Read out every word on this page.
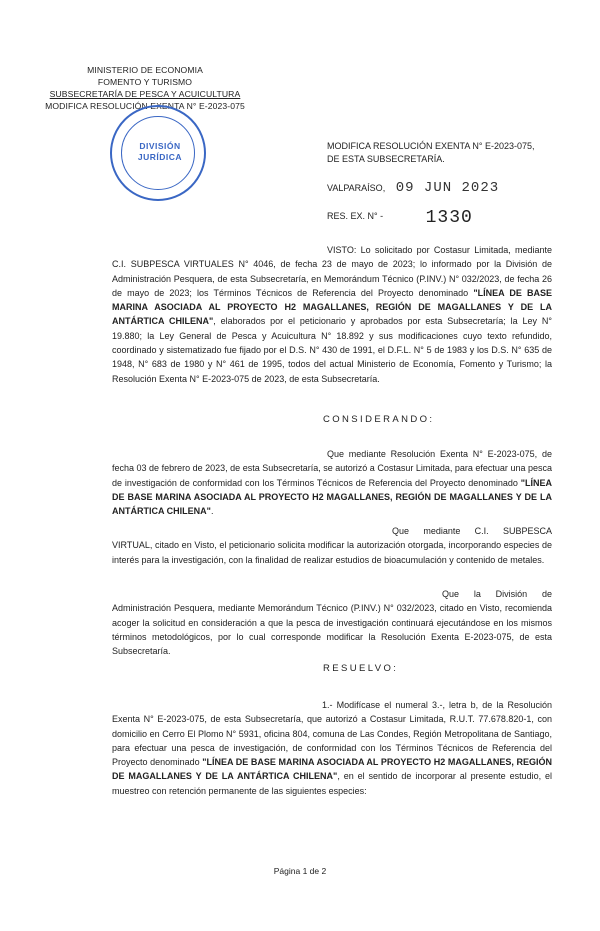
MINISTERIO DE ECONOMIA
FOMENTO Y TURISMO
SUBSECRETARÍA DE PESCA Y ACUICULTURA
MODIFICA RESOLUCIÓN EXENTA N° E-2023-075
DIVISIÓN
JURÍDICA
MODIFICA RESOLUCIÓN EXENTA N° E-2023-075,
DE ESTA SUBSECRETARÍA.
VALPARAÍSO, 09 JUN 2023
RES. EX. N° - 1330
VISTO: Lo solicitado por Costasur Limitada, mediante C.I. SUBPESCA VIRTUALES N° 4046, de fecha 23 de mayo de 2023; lo informado por la División de Administración Pesquera, de esta Subsecretaría, en Memorándum Técnico (P.INV.) N° 032/2023, de fecha 26 de mayo de 2023; los Términos Técnicos de Referencia del Proyecto denominado "LÍNEA DE BASE MARINA ASOCIADA AL PROYECTO H2 MAGALLANES, REGIÓN DE MAGALLANES Y DE LA ANTÁRTICA CHILENA", elaborados por el peticionario y aprobados por esta Subsecretaría; la Ley N° 19.880; la Ley General de Pesca y Acuicultura N° 18.892 y sus modificaciones cuyo texto refundido, coordinado y sistematizado fue fijado por el D.S. N° 430 de 1991, el D.F.L. N° 5 de 1983 y los D.S. N° 635 de 1948, N° 683 de 1980 y N° 461 de 1995, todos del actual Ministerio de Economía, Fomento y Turismo; la Resolución Exenta N° E-2023-075 de 2023, de esta Subsecretaría.
CONSIDERANDO:
Que mediante Resolución Exenta N° E-2023-075, de fecha 03 de febrero de 2023, de esta Subsecretaría, se autorizó a Costasur Limitada, para efectuar una pesca de investigación de conformidad con los Términos Técnicos de Referencia del Proyecto denominado "LÍNEA DE BASE MARINA ASOCIADA AL PROYECTO H2 MAGALLANES, REGIÓN DE MAGALLANES Y DE LA ANTÁRTICA CHILENA".
Que mediante C.I. SUBPESCA VIRTUAL, citado en Visto, el peticionario solicita modificar la autorización otorgada, incorporando especies de interés para la investigación, con la finalidad de realizar estudios de bioacumulación y contenido de metales.
Que la División de Administración Pesquera, mediante Memorándum Técnico (P.INV.) N° 032/2023, citado en Visto, recomienda acoger la solicitud en consideración a que la pesca de investigación continuará ejecutándose en los mismos términos metodológicos, por lo cual corresponde modificar la Resolución Exenta E-2023-075, de esta Subsecretaría.
RESUELVO:
1.- Modifícase el numeral 3.-, letra b, de la Resolución Exenta N° E-2023-075, de esta Subsecretaría, que autorizó a Costasur Limitada, R.U.T. 77.678.820-1, con domicilio en Cerro El Plomo N° 5931, oficina 804, comuna de Las Condes, Región Metropolitana de Santiago, para efectuar una pesca de investigación, de conformidad con los Términos Técnicos de Referencia del Proyecto denominado "LÍNEA DE BASE MARINA ASOCIADA AL PROYECTO H2 MAGALLANES, REGIÓN DE MAGALLANES Y DE LA ANTÁRTICA CHILENA", en el sentido de incorporar al presente estudio, el muestreo con retención permanente de las siguientes especies:
Página 1 de 2
